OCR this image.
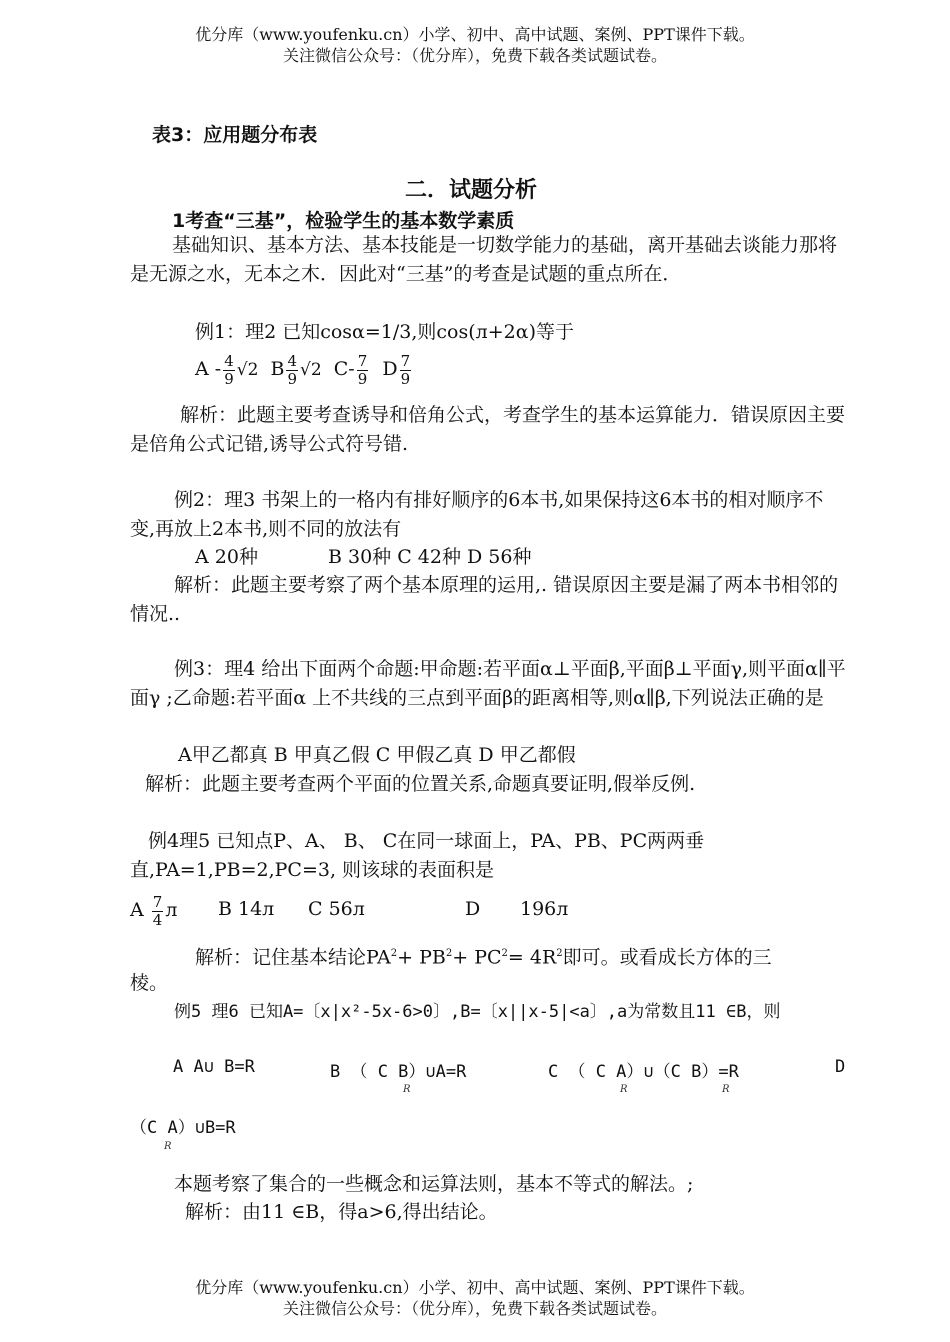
优分库（www.youfenku.cn）小学、初中、高中试题、案例、PPT课件下载。
关注微信公众号：（优分库），免费下载各类试题试卷。
表3：应用题分布表
二．试题分析
1考查“三基”，检验学生的基本数学素质
基础知识、基本方法、基本技能是一切数学能力的基础，离开基础去谈能力那将是无源之水，无本之木．因此对“三基”的考查是试题的重点所在．
例1：理2 已知cosα=1/3,则cos(л+2α)等于
A - $\frac{4}{9} √2$ B $\frac{4}{9} √2$ $C- \frac{7}{9}$ D $\frac{7}{9}$
解析：此题主要考查诱导和倍角公式，考查学生的基本运算能力．错误原因主要是倍角公式记错,诱导公式符号错.
例2：理3 书架上的一格内有排好顺序的6本书,如果保持这6本书的相对顺序不变,再放上2本书,则不同的放法有
A 20种	B 30种 C 42种 D 56种
解析：此题主要考察了两个基本原理的运用,. 错误原因主要是漏了两本书相邻的情况..
例3：理4 给出下面两个命题:甲命题:若平面α⊥平面β,平面β⊥平面γ,则平面α∥平面γ ;乙命题:若平面α 上不共线的三点到平面β的距离相等,则α∥β,下列说法正确的是
A甲乙都真 B 甲真乙假 C 甲假乙真 D 甲乙都假
解析：此题主要考查两个平面的位置关系,命题真要证明,假举反例.
例4理5 已知点P、A、 B、 C在同一球面上，PA、PB、PC两两垂直,PA=1,PB=2,PC=3, 则该球的表面积是
A $\frac{7}{4}$ л B 14л C 56л	D 196л
解析：记住基本结论$PA^2+ PB^2+ PC^2= 4R^2$即可。或看成长方体的三
棱。
例5 理6 已知A=〔x∣x²-5x-6>0〕,B=〔x∣∣x-5∣<a〕,a为常数且11 ∈B，则
A A∪ B=R	B （ C B）∪A=R
R
C （ C A）∪（C B）=R
R	R
D
（C A）∪B=R
R
本题考察了集合的一些概念和运算法则，基本不等式的解法。;
解析：由11 ∈B，得a>6,得出结论。
优分库（www.youfenku.cn）小学、初中、高中试题、案例、PPT课件下载。
关注微信公众号：（优分库），免费下载各类试题试卷。
